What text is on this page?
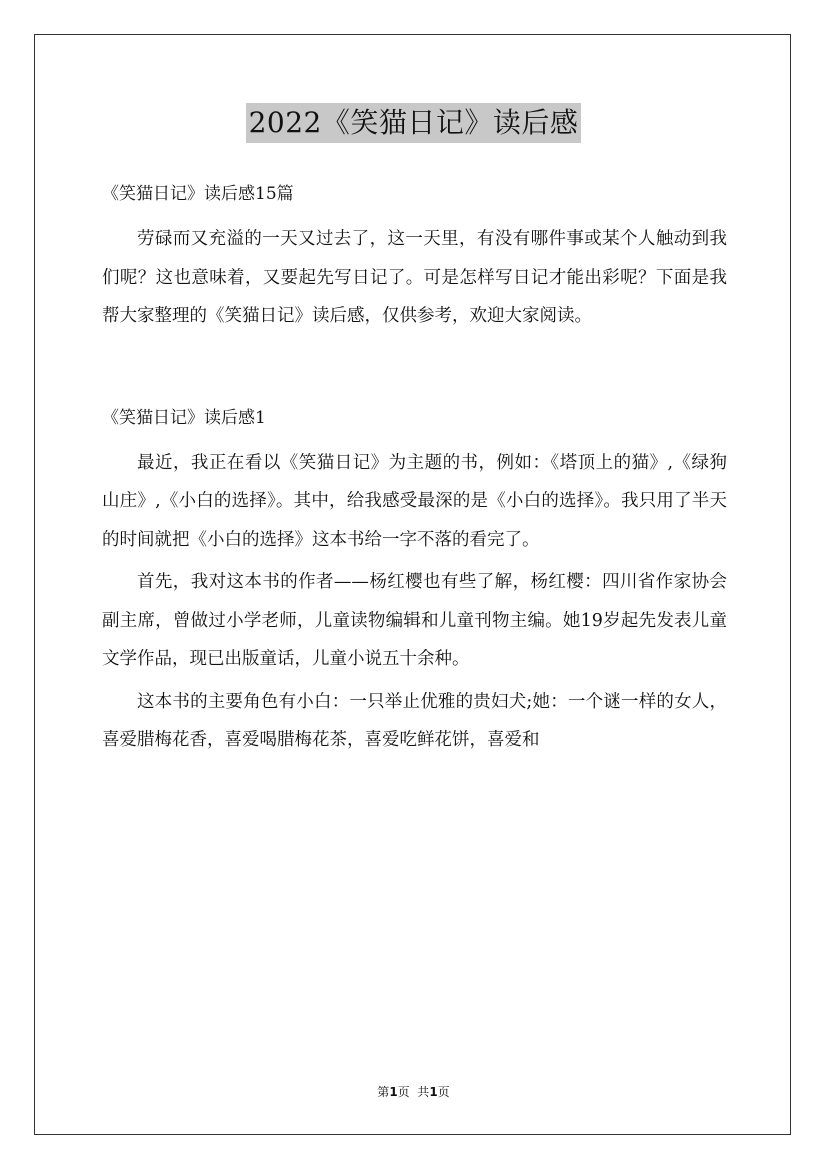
2022《笑猫日记》读后感

《笑猫日记》读后感15篇

劳碌而又充溢的一天又过去了，这一天里，有没有哪件事或某个人触动到我们呢？这也意味着，又要起先写日记了。可是怎样写日记才能出彩呢？下面是我帮大家整理的《笑猫日记》读后感，仅供参考，欢迎大家阅读。

《笑猫日记》读后感1

最近，我正在看以《笑猫日记》为主题的书，例如：《塔顶上的猫》,《绿狗山庄》,《小白的选择》。其中，给我感受最深的是《小白的选择》。我只用了半天的时间就把《小白的选择》这本书给一字不落的看完了。

首先，我对这本书的作者——杨红樱也有些了解，杨红樱：四川省作家协会副主席，曾做过小学老师，儿童读物编辑和儿童刊物主编。她19岁起先发表儿童文学作品，现已出版童话，儿童小说五十余种。

这本书的主要角色有小白：一只举止优雅的贵妇犬;她：一个谜一样的女人，喜爱腊梅花香，喜爱喝腊梅花茶，喜爱吃鲜花饼，喜爱和

第1页  共1页
